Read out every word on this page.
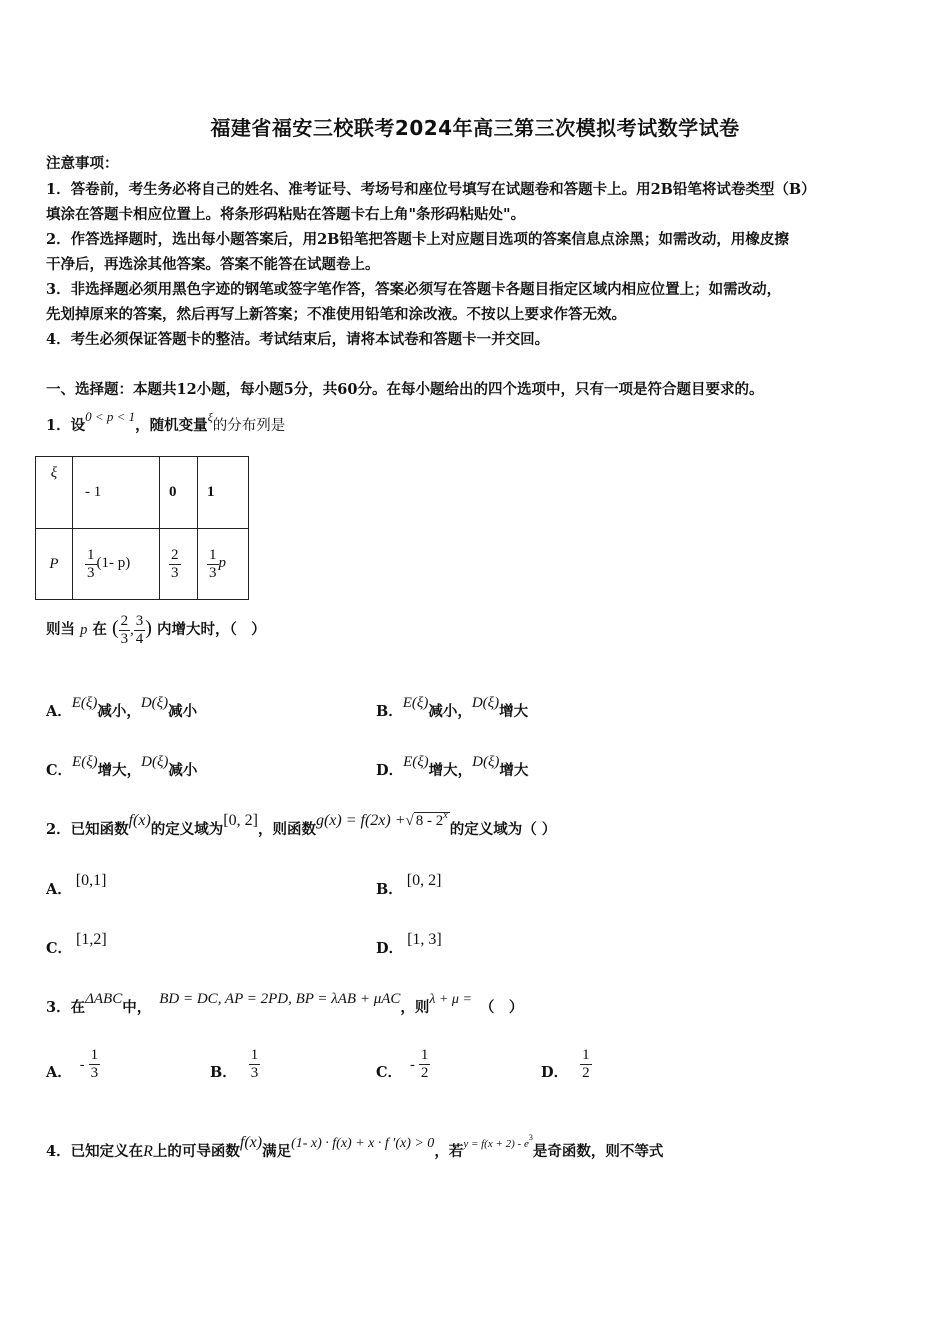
福建省福安三校联考2024年高三第三次模拟考试数学试卷
注意事项：
1．答卷前，考生务必将自己的姓名、准考证号、考场号和座位号填写在试题卷和答题卡上。用2B铅笔将试卷类型（B）
填涂在答题卡相应位置上。将条形码粘贴在答题卡右上角"条形码粘贴处"。
2．作答选择题时，选出每小题答案后，用2B铅笔把答题卡上对应题目选项的答案信息点涂黑；如需改动，用橡皮擦
干净后，再选涂其他答案。答案不能答在试题卷上。
3．非选择题必须用黑色字迹的钢笔或签字笔作答，答案必须写在答题卡各题目指定区域内相应位置上；如需改动，
先划掉原来的答案，然后再写上新答案；不准使用铅笔和涂改液。不按以上要求作答无效。
4．考生必须保证答题卡的整洁。考试结束后，请将本试卷和答题卡一并交回。
一、选择题：本题共12小题，每小题5分，共60分。在每小题给出的四个选项中，只有一项是符合题目要求的。
1．设0 < p < 1，随机变量$^\xi$的分布列是
ξ	- 1	0	1

P	$\frac{1}{3} (1-$ p)	$\frac{2}{3}$	$\frac{1}{3}$ p
则当 p 在 ( $\frac{2}{3}$ , $\frac{3}{4}$ ) 内增大时，（　）
A．E(ξ)减小，D(ξ)减小	B．E(ξ)减小，D(ξ)增大
C．E(ξ)增大，D(ξ)减小	D．E(ξ)增大，D(ξ)增大
2．已知函数f(x)的定义域为[0, 2]，则函数g(x) = f(2x) +√ 8 - 2$^x$的定义域为（ ）
A．[0,1]
B．[0, 2]
C．[1,2]
D．[1, 3]
3．在ΔABC中， BD = DC, AP = 2PD, BP = λAB + μAC，则λ + μ = （　）
A． - $\frac{1}{3}$	B． $\frac{1}{3}$	C． - $\frac{1}{2}$	D． $\frac{1}{2}$
4．已知定义在R上的可导函数f(x)满足(1- x) · f(x) + x · f ′(x) > 0，若$^{y = f(x + 2) - e3}$是奇函数，则不等式
